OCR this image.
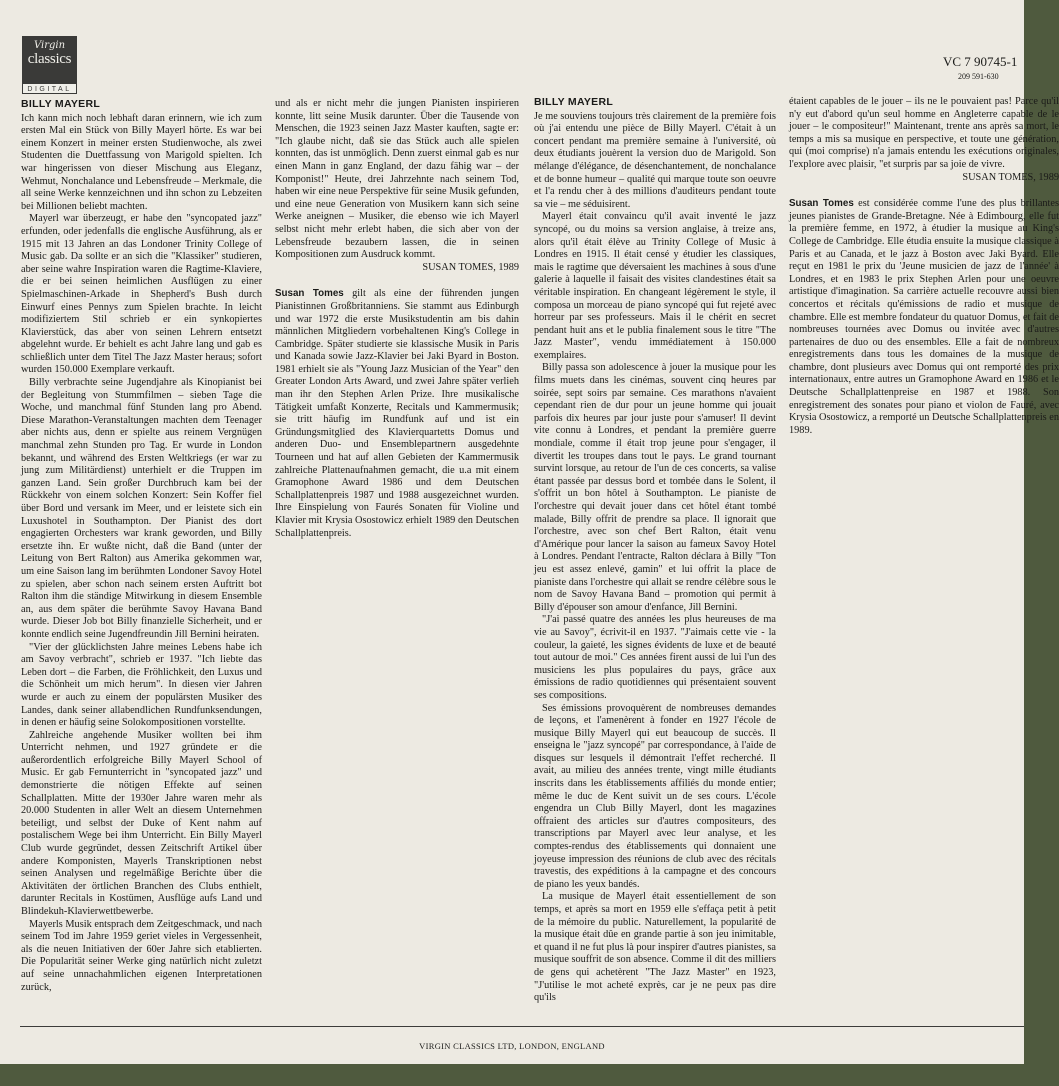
Virgin
classics
DIGITAL
VC 7 90745-1
209 591-630
BILLY MAYERL

Ich kann mich noch lebhaft daran erinnern, wie ich zum ersten Mal ein Stück von Billy Mayerl hörte. Es war bei einem Konzert in meiner ersten Studienwoche, als zwei Studenten die Duettfassung von Marigold spielten. Ich war hingerissen von dieser Mischung aus Eleganz, Wehmut, Nonchalance und Lebensfreude – Merkmale, die all seine Werke kennzeichnen und ihn schon zu Lebzeiten bei Millionen beliebt machten.

Mayerl war überzeugt, er habe den "syncopated jazz" erfunden, oder jedenfalls die englische Ausführung, als er 1915 mit 13 Jahren an das Londoner Trinity College of Music gab. Da sollte er an sich die "Klassiker" studieren, aber seine wahre Inspiration waren die Ragtime-Klaviere, die er bei seinen heimlichen Ausflügen zu einer Spielmaschinen-Arkade in Shepherd's Bush durch Einwurf eines Pennys zum Spielen brachte. In leicht modifiziertem Stil schrieb er ein synkopiertes Klavierstück, das aber von seinen Lehrern entsetzt abgelehnt wurde. Er behielt es acht Jahre lang und gab es schließlich unter dem Titel The Jazz Master heraus; sofort wurden 150.000 Exemplare verkauft.

Billy verbrachte seine Jugendjahre als Kinopianist bei der Begleitung von Stummfilmen – sieben Tage die Woche, und manchmal fünf Stunden lang pro Abend. Diese Marathon-Veranstaltungen machten dem Teenager aber nichts aus, denn er spielte aus reinem Vergnügen manchmal zehn Stunden pro Tag. Er wurde in London bekannt, und während des Ersten Weltkriegs (er war zu jung zum Militärdienst) unterhielt er die Truppen im ganzen Land. Sein großer Durchbruch kam bei der Rückkehr von einem solchen Konzert: Sein Koffer fiel über Bord und versank im Meer, und er leistete sich ein Luxushotel in Southampton. Der Pianist des dort engagierten Orchesters war krank geworden, und Billy ersetzte ihn. Er wußte nicht, daß die Band (unter der Leitung von Bert Ralton) aus Amerika gekommen war, um eine Saison lang im berühmten Londoner Savoy Hotel zu spielen, aber schon nach seinem ersten Auftritt bot Ralton ihm die ständige Mitwirkung in diesem Ensemble an, aus dem später die berühmte Savoy Havana Band wurde. Dieser Job bot Billy finanzielle Sicherheit, und er konnte endlich seine Jugendfreundin Jill Bernini heiraten.

"Vier der glücklichsten Jahre meines Lebens habe ich am Savoy verbracht", schrieb er 1937. "Ich liebte das Leben dort – die Farben, die Fröhlichkeit, den Luxus und die Schönheit um mich herum". In diesen vier Jahren wurde er auch zu einem der populärsten Musiker des Landes, dank seiner allabendlichen Rundfunksendungen, in denen er häufig seine Solokompositionen vorstellte.

Zahlreiche angehende Musiker wollten bei ihm Unterricht nehmen, und 1927 gründete er die außerordentlich erfolgreiche Billy Mayerl School of Music. Er gab Fernunterricht in "syncopated jazz" und demonstrierte die nötigen Effekte auf seinen Schallplatten. Mitte der 1930er Jahre waren mehr als 20.000 Studenten in aller Welt an diesem Unternehmen beteiligt, und selbst der Duke of Kent nahm auf postalischem Wege bei ihm Unterricht. Ein Billy Mayerl Club wurde gegründet, dessen Zeitschrift Artikel über andere Komponisten, Mayerls Transkriptionen nebst seinen Analysen und regelmäßige Berichte über die Aktivitäten der örtlichen Branchen des Clubs enthielt, darunter Recitals in Kostümen, Ausflüge aufs Land und Blindekuh-Klavierwettbewerbe.

Mayerls Musik entsprach dem Zeitgeschmack, und nach seinem Tod im Jahre 1959 geriet vieles in Vergessenheit, als die neuen Initiativen der 60er Jahre sich etablierten. Die Popularität seiner Werke ging natürlich nicht zuletzt auf seine unnachahmlichen eigenen Interpretationen zurück,

und als er nicht mehr die jungen Pianisten inspirieren konnte, litt seine Musik darunter. Über die Tausende von Menschen, die 1923 seinen Jazz Master kauften, sagte er: "Ich glaube nicht, daß sie das Stück auch alle spielen konnten, das ist unmöglich. Denn zuerst einmal gab es nur einen Mann in ganz England, der dazu fähig war – der Komponist!" Heute, drei Jahrzehnte nach seinem Tod, haben wir eine neue Perspektive für seine Musik gefunden, und eine neue Generation von Musikern kann sich seine Werke aneignen – Musiker, die ebenso wie ich Mayerl selbst nicht mehr erlebt haben, die sich aber von der Lebensfreude bezaubern lassen, die in seinen Kompositionen zum Ausdruck kommt.

SUSAN TOMES, 1989

Susan Tomes gilt als eine der führenden jungen Pianistinnen Großbritanniens. Sie stammt aus Edinburgh und war 1972 die erste Musikstudentin am bis dahin männlichen Mitgliedern vorbehaltenen King's College in Cambridge. Später studierte sie klassische Musik in Paris und Kanada sowie Jazz-Klavier bei Jaki Byard in Boston. 1981 erhielt sie als "Young Jazz Musician of the Year" den Greater London Arts Award, und zwei Jahre später verlieh man ihr den Stephen Arlen Prize. Ihre musikalische Tätigkeit umfaßt Konzerte, Recitals und Kammermusik; sie tritt häufig im Rundfunk auf und ist ein Gründungsmitglied des Klavierquartetts Domus und anderen Duo- und Ensemblepartnern ausgedehnte Tourneen und hat auf allen Gebieten der Kammermusik zahlreiche Plattenaufnahmen gemacht, die u.a mit einem Gramophone Award 1986 und dem Deutschen Schallplattenpreis 1987 und 1988 ausgezeichnet wurden. Ihre Einspielung von Faurés Sonaten für Violine und Klavier mit Krysia Osostowicz erhielt 1989 den Deutschen Schallplattenpreis.

BILLY MAYERL

Je me souviens toujours très clairement de la première fois où j'ai entendu une pièce de Billy Mayerl. C'était à un concert pendant ma première semaine à l'université, où deux étudiants jouèrent la version duo de Marigold. Son mélange d'élégance, de désenchantement, de nonchalance et de bonne humeur – qualité qui marque toute son oeuvre et l'a rendu cher à des millions d'auditeurs pendant toute sa vie – me séduisirent.

Mayerl était convaincu qu'il avait inventé le jazz syncopé, ou du moins sa version anglaise, à treize ans, alors qu'il était élève au Trinity College of Music à Londres en 1915. Il était censé y étudier les classiques, mais le ragtime que déversaient les machines à sous d'une galerie à laquelle il faisait des visites clandestines était sa véritable inspiration. En changeant légèrement le style, il composa un morceau de piano syncopé qui fut rejeté avec horreur par ses professeurs. Mais il le chérit en secret pendant huit ans et le publia finalement sous le titre "The Jazz Master", vendu immédiatement à 150.000 exemplaires.

Billy passa son adolescence à jouer la musique pour les films muets dans les cinémas, souvent cinq heures par soirée, sept soirs par semaine. Ces marathons n'avaient cependant rien de dur pour un jeune homme qui jouait parfois dix heures par jour juste pour s'amuser! Il devint vite connu à Londres, et pendant la première guerre mondiale, comme il était trop jeune pour s'engager, il divertit les troupes dans tout le pays. Le grand tournant survint lorsque, au retour de l'un de ces concerts, sa valise étant passée par dessus bord et tombée dans le Solent, il s'offrit un bon hôtel à Southampton. Le pianiste de l'orchestre qui devait jouer dans cet hôtel étant tombé malade, Billy offrit de prendre sa place. Il ignorait que l'orchestre, avec son chef Bert Ralton, était venu d'Amérique pour lancer la saison au fameux Savoy Hotel à Londres. Pendant l'entracte, Ralton déclara à Billy "Ton jeu est assez enlevé, gamin" et lui offrit la place de pianiste dans l'orchestre qui allait se rendre célèbre sous le nom de Savoy Havana Band – promotion qui permit à Billy d'épouser son amour d'enfance, Jill Bernini.

"J'ai passé quatre des années les plus heureuses de ma vie au Savoy", écrivit-il en 1937. "J'aimais cette vie - la couleur, la gaieté, les signes évidents de luxe et de beauté tout autour de moi." Ces années firent aussi de lui l'un des musiciens les plus populaires du pays, grâce aux émissions de radio quotidiennes qui présentaient souvent ses compositions.

Ses émissions provoquèrent de nombreuses demandes de leçons, et l'amenèrent à fonder en 1927 l'école de musique Billy Mayerl qui eut beaucoup de succès. Il enseigna le "jazz syncopé" par correspondance, à l'aide de disques sur lesquels il démontrait l'effet recherché. Il avait, au milieu des années trente, vingt mille étudiants inscrits dans les établissements affiliés du monde entier; même le duc de Kent suivit un de ses cours. L'école engendra un Club Billy Mayerl, dont les magazines offraient des articles sur d'autres compositeurs, des transcriptions par Mayerl avec leur analyse, et les comptes-rendus des établissements qui donnaient une joyeuse impression des réunions de club avec des récitals travestis, des expéditions à la campagne et des concours de piano les yeux bandés.

La musique de Mayerl était essentiellement de son temps, et après sa mort en 1959 elle s'effaça petit à petit de la mémoire du public. Naturellement, la popularité de la musique était dûe en grande partie à son jeu inimitable, et quand il ne fut plus là pour inspirer d'autres pianistes, sa musique souffrit de son absence. Comme il dit des milliers de gens qui achetèrent "The Jazz Master" en 1923, "J'utilise le mot acheté exprès, car je ne peux pas dire qu'ils

étaient capables de le jouer – ils ne le pouvaient pas! Parce qu'il n'y eut d'abord qu'un seul homme en Angleterre capable de le jouer – le compositeur!" Maintenant, trente ans après sa mort, le temps a mis sa musique en perspective, et toute une génération, qui (moi comprise) n'a jamais entendu les exécutions originales, l'explore avec plaisir, "et surpris par sa joie de vivre.

SUSAN TOMES, 1989

Susan Tomes est considérée comme l'une des plus brillantes jeunes pianistes de Grande-Bretagne. Née à Edimbourg, elle fut la première femme, en 1972, à étudier la musique au King's College de Cambridge. Elle étudia ensuite la musique classique à Paris et au Canada, et le jazz à Boston avec Jaki Byard. Elle reçut en 1981 le prix du 'Jeune musicien de jazz de l'année' à Londres, et en 1983 le prix Stephen Arlen pour une oeuvre artistique d'imagination. Sa carrière actuelle recouvre aussi bien concertos et récitals qu'émissions de radio et musique de chambre. Elle est membre fondateur du quatuor Domus, et fait de nombreuses tournées avec Domus ou invitée avec d'autres partenaires de duo ou des ensembles. Elle a fait de nombreux enregistrements dans tous les domaines de la musique de chambre, dont plusieurs avec Domus qui ont remporté des prix internationaux, entre autres un Gramophone Award en 1986 et le Deutsche Schallplattenpreise en 1987 et 1988. Son enregistrement des sonates pour piano et violon de Fauré, avec Krysia Osostowicz, a remporté un Deutsche Schallplattenpreis en 1989.

VIRGIN CLASSICS LTD, LONDON, ENGLAND
